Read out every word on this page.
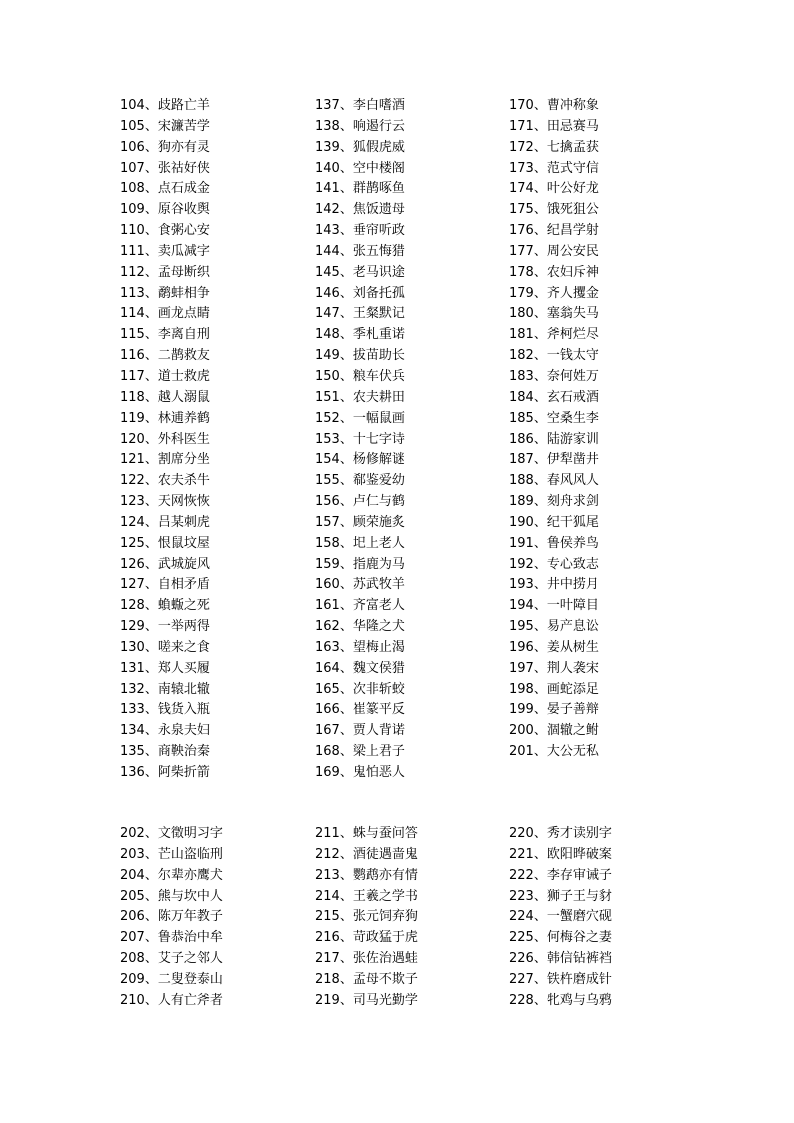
104、歧路亡羊
105、宋濂苦学
106、狗亦有灵
107、张祜好侠
108、点石成金
109、原谷收舆
110、食粥心安
111、卖瓜减字
112、孟母断织
113、鹬蚌相争
114、画龙点睛
115、李离自刑
116、二鹊救友
117、道士救虎
118、越人溺鼠
119、林逋养鹤
120、外科医生
121、割席分坐
122、农夫杀牛
123、天网恢恢
124、吕某刺虎
125、恨鼠坟屋
126、武城旋风
127、自相矛盾
128、蝜蝂之死
129、一举两得
130、嗟来之食
131、郑人买履
132、南辕北辙
133、钱货入瓶
134、永泉夫妇
135、商鞅治秦
136、阿柴折箭
137、李白嗜酒
138、响遏行云
139、狐假虎威
140、空中楼阁
141、群鹊啄鱼
142、焦饭遗母
143、垂帘听政
144、张五悔猎
145、老马识途
146、刘备托孤
147、王粲默记
148、季札重诺
149、拔苗助长
150、粮车伏兵
151、农夫耕田
152、一幅鼠画
153、十七字诗
154、杨修解谜
155、郗鉴爱幼
156、卢仁与鹤
157、顾荣施炙
158、圯上老人
159、指鹿为马
160、苏武牧羊
161、齐富老人
162、华隆之犬
163、望梅止渴
164、魏文侯猎
165、次非斩蛟
166、崔篆平反
167、贾人背诺
168、梁上君子
169、鬼怕恶人
170、曹冲称象
171、田忌赛马
172、七擒孟获
173、范式守信
174、叶公好龙
175、饿死狙公
176、纪昌学射
177、周公安民
178、农妇斥神
179、齐人攫金
180、塞翁失马
181、斧柯烂尽
182、一钱太守
183、奈何姓万
184、玄石戒酒
185、空桑生李
186、陆游家训
187、伊犁凿井
188、春风风人
189、刻舟求剑
190、纪干狐尾
191、鲁侯养鸟
192、专心致志
193、井中捞月
194、一叶障目
195、易产息讼
196、姜从树生
197、荆人袭宋
198、画蛇添足
199、晏子善辩
200、涸辙之鲋
201、大公无私
202、文徵明习字
203、芒山盗临刑
204、尔辈亦鹰犬
205、熊与坎中人
206、陈万年教子
207、鲁恭治中牟
208、艾子之邻人
209、二叟登泰山
210、人有亡斧者
211、蛛与蚕问答
212、酒徒遇啬鬼
213、鹦鹉亦有情
214、王羲之学书
215、张元饲弃狗
216、苛政猛于虎
217、张佐治遇蛙
218、孟母不欺子
219、司马光勤学
220、秀才读别字
221、欧阳晔破案
222、李存审诫子
223、狮子王与豺
224、一蟹磨穴砚
225、何梅谷之妻
226、韩信钻裤裆
227、铁杵磨成针
228、牝鸡与乌鸦
